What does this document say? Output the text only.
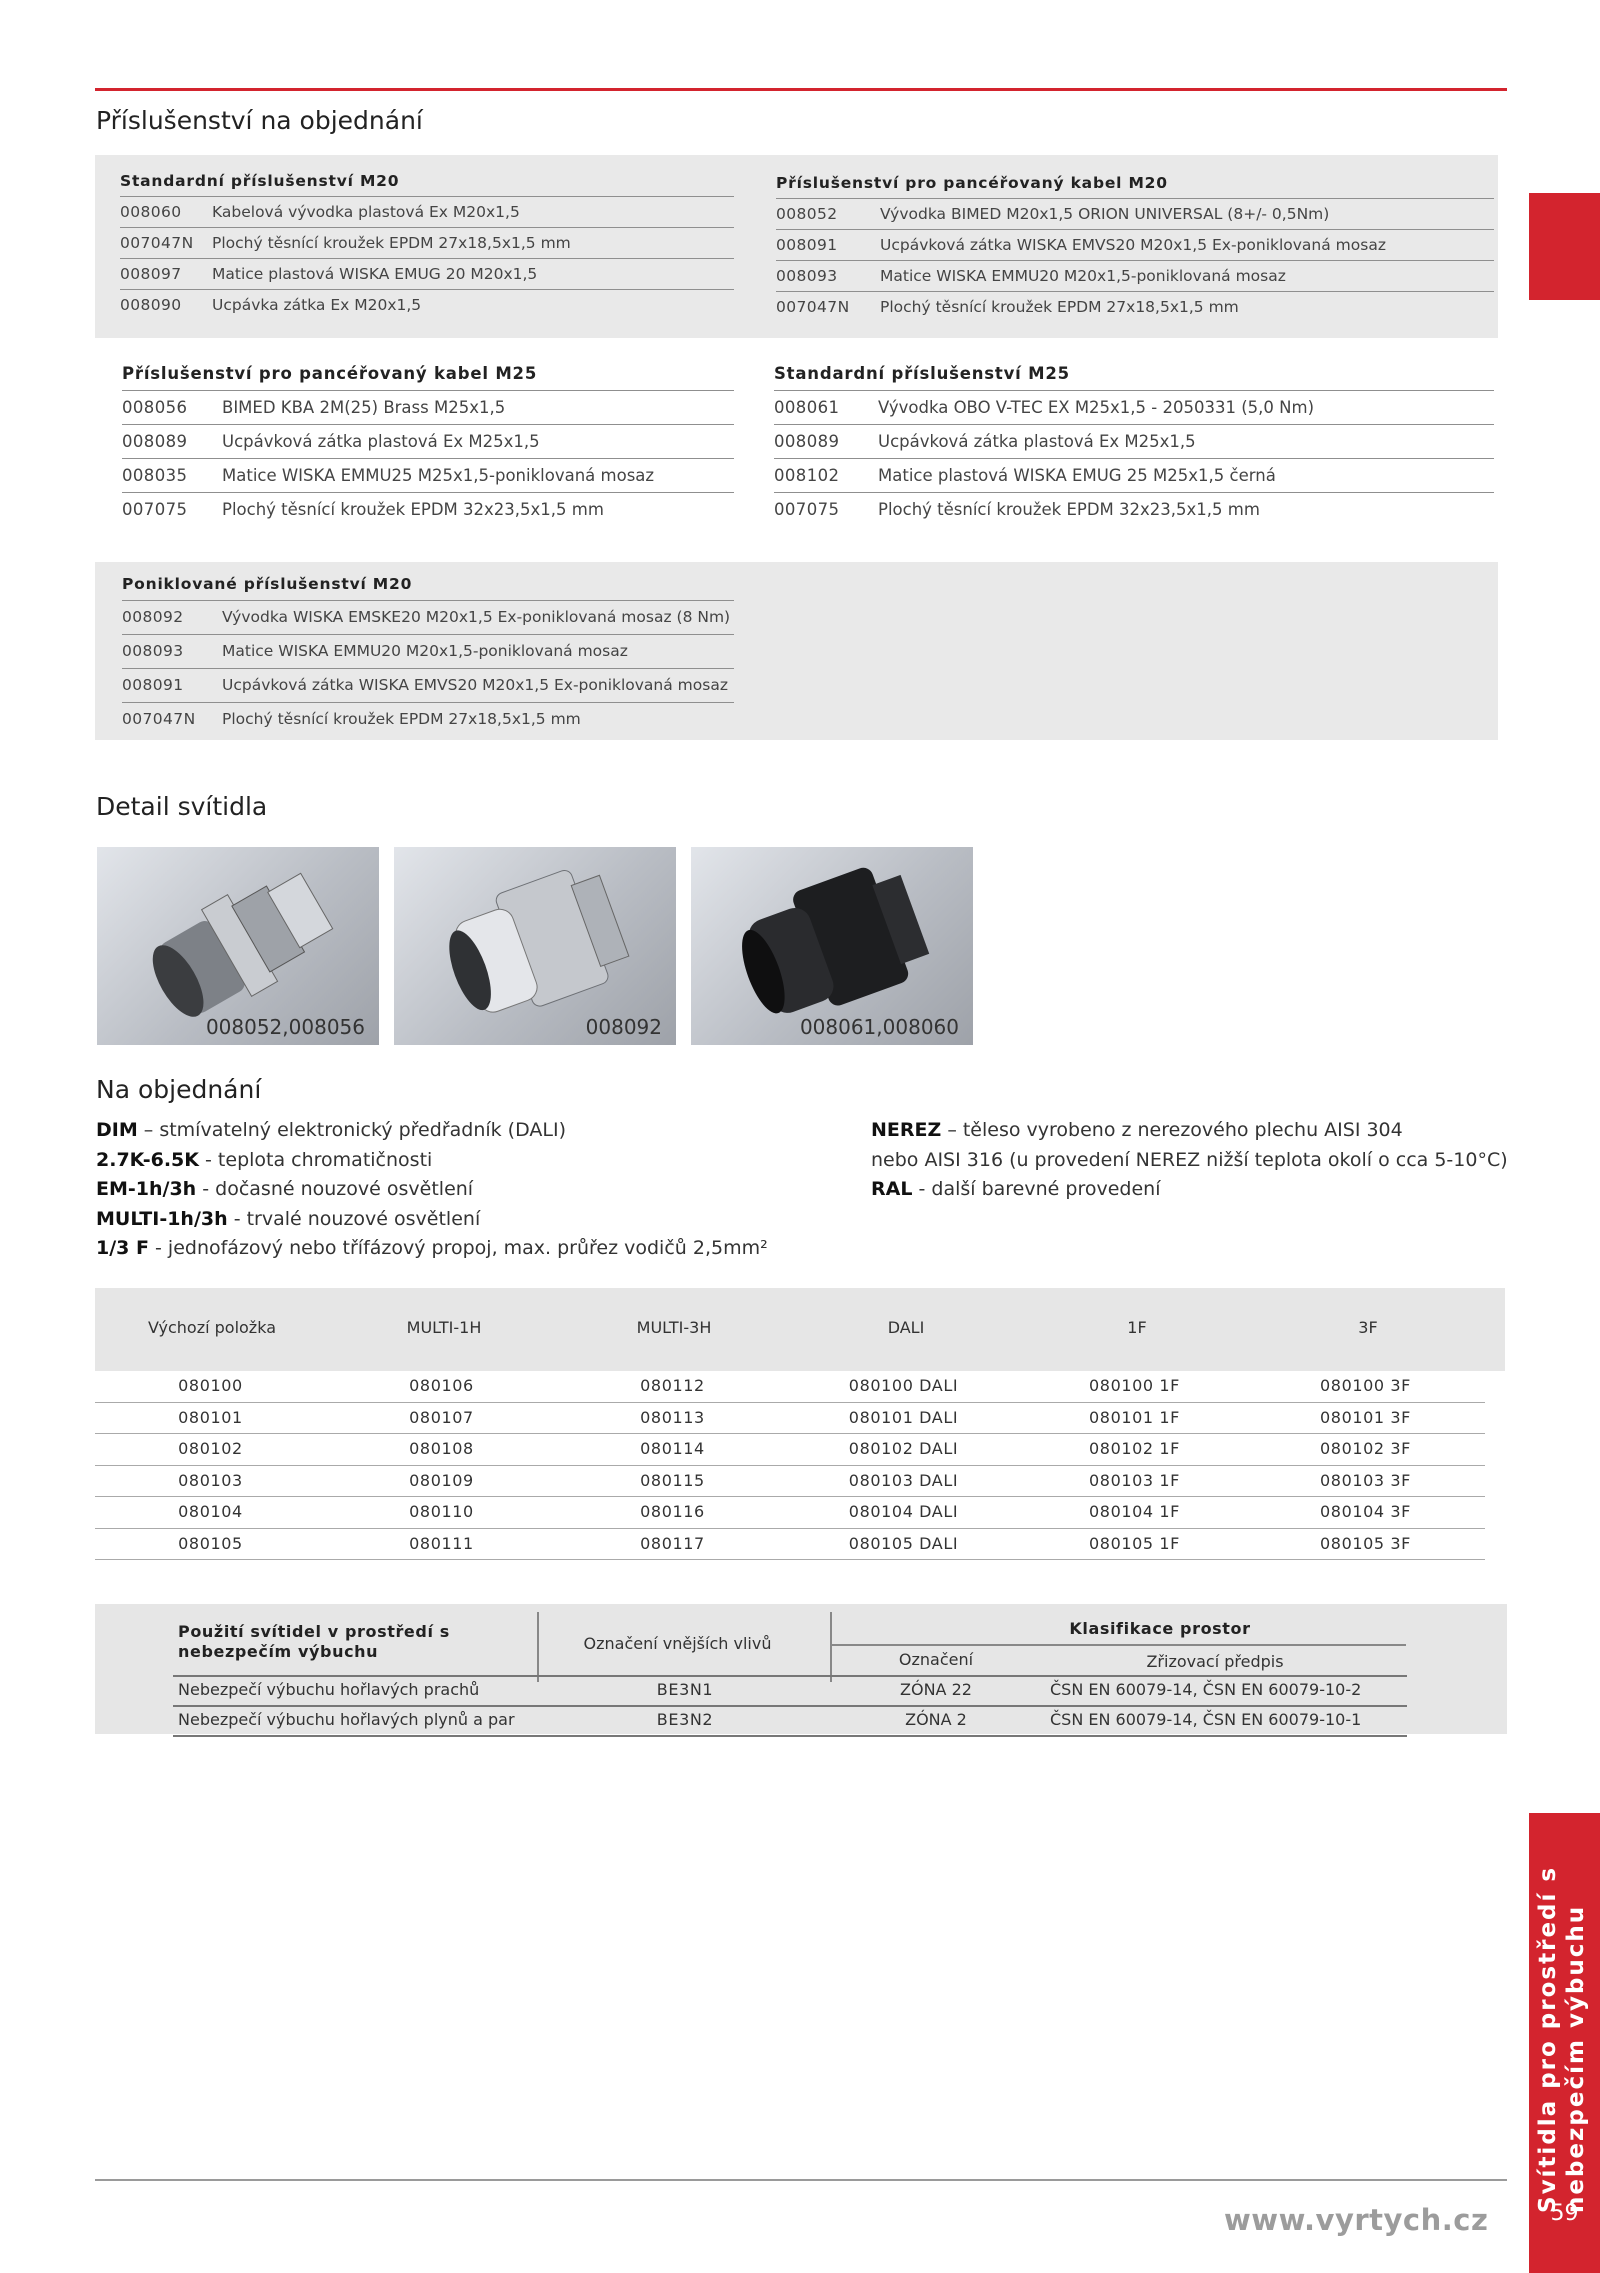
Příslušenství na objednání
Standardní příslušenství M20
008060	Kabelová vývodka plastová Ex M20x1,5
007047N	Plochý těsnící kroužek EPDM 27x18,5x1,5 mm
008097	Matice plastová WISKA EMUG 20 M20x1,5
008090	Ucpávka zátka Ex M20x1,5
Příslušenství pro pancéřovaný kabel M20
008052	Vývodka BIMED M20x1,5 ORION UNIVERSAL (8+/- 0,5Nm)
008091	Ucpávková zátka WISKA EMVS20 M20x1,5 Ex-poniklovaná mosaz
008093	Matice WISKA EMMU20 M20x1,5-poniklovaná mosaz
007047N	Plochý těsnící kroužek EPDM 27x18,5x1,5 mm
Příslušenství pro pancéřovaný kabel M25
008056	BIMED KBA 2M(25) Brass M25x1,5
008089	Ucpávková zátka plastová Ex M25x1,5
008035	Matice WISKA EMMU25 M25x1,5-poniklovaná mosaz
007075	Plochý těsnící kroužek EPDM 32x23,5x1,5 mm
Standardní příslušenství M25
008061	Vývodka OBO V-TEC EX M25x1,5 - 2050331 (5,0 Nm)
008089	Ucpávková zátka plastová Ex M25x1,5
008102	Matice plastová WISKA EMUG 25 M25x1,5 černá
007075	Plochý těsnící kroužek EPDM 32x23,5x1,5 mm
Poniklované příslušenství M20
008092	Vývodka WISKA EMSKE20 M20x1,5 Ex-poniklovaná mosaz (8 Nm)
008093	Matice WISKA EMMU20 M20x1,5-poniklovaná mosaz
008091	Ucpávková zátka WISKA EMVS20 M20x1,5 Ex-poniklovaná mosaz
007047N	Plochý těsnící kroužek EPDM 27x18,5x1,5 mm
Detail svítidla
008052,008056	008092	008061,008060
Na objednání
DIM – stmívatelný elektronický předřadník (DALI)
2.7K-6.5K - teplota chromatičnosti
EM-1h/3h - dočasné nouzové osvětlení
MULTI-1h/3h - trvalé nouzové osvětlení
1/3 F - jednofázový nebo třífázový propoj, max. průřez vodičů 2,5mm²
NEREZ – těleso vyrobeno z nerezového plechu AISI 304
nebo AISI 316 (u provedení NEREZ nižší teplota okolí o cca 5-10°C)
RAL - další barevné provedení
Výchozí položka	MULTI-1H	MULTI-3H	DALI	1F	3F
080100	080106	080112	080100 DALI	080100 1F	080100 3F
080101	080107	080113	080101 DALI	080101 1F	080101 3F
080102	080108	080114	080102 DALI	080102 1F	080102 3F
080103	080109	080115	080103 DALI	080103 1F	080103 3F
080104	080110	080116	080104 DALI	080104 1F	080104 3F
080105	080111	080117	080105 DALI	080105 1F	080105 3F
Použití svítidel v prostředí s nebezpečím výbuchu	Označení vnějších vlivů
Klasifikace prostor
Označení	Zřizovací předpis
Nebezpečí výbuchu hořlavých prachů	BE3N1	ZÓNA 22	ČSN EN 60079-14, ČSN EN 60079-10-2
Nebezpečí výbuchu hořlavých plynů a par	BE3N2	ZÓNA 2	ČSN EN 60079-14, ČSN EN 60079-10-1
Svítidla pro prostředí s nebezpečím výbuchu
59
www.vyrtych.cz
